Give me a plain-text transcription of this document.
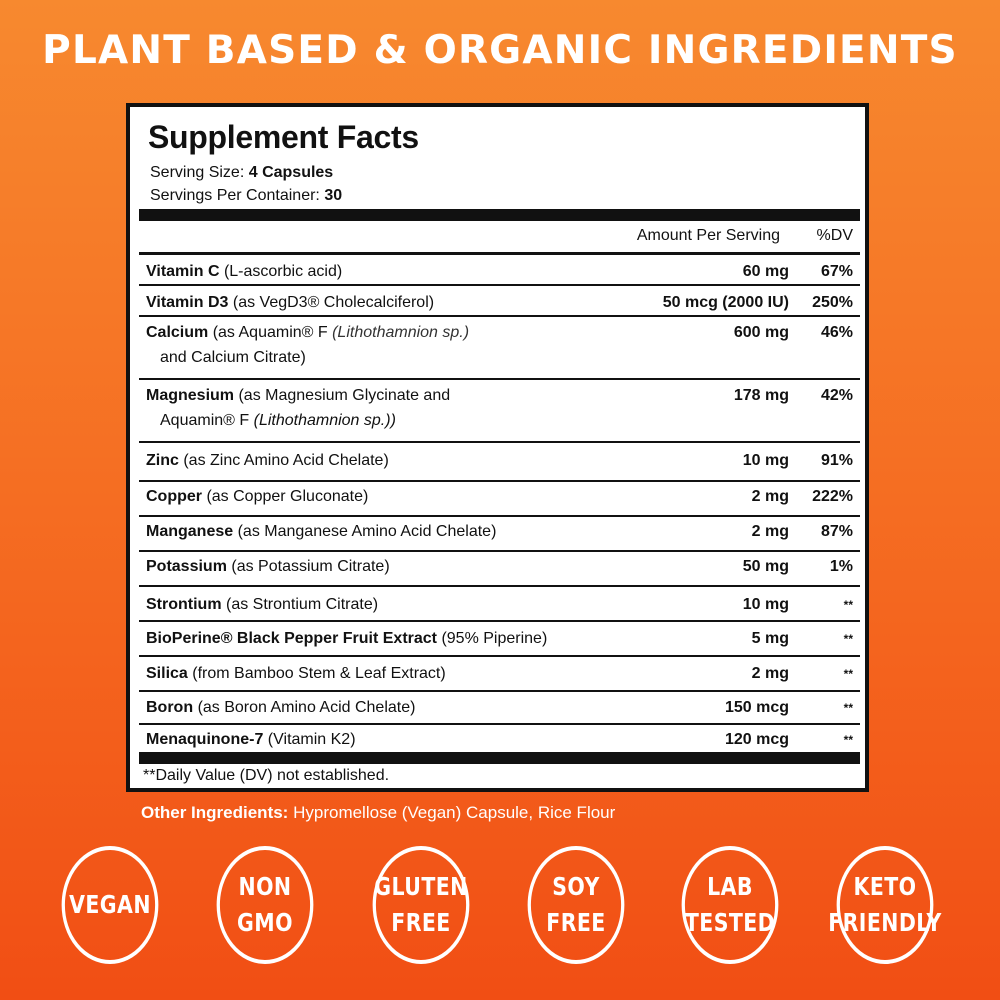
PLANT BASED & ORGANIC INGREDIENTS
Supplement Facts
Serving Size: 4 Capsules
Servings Per Container: 30
Amount Per Serving %DV
**Daily Value (DV) not established.
Vitamin C (L-ascorbic acid)	60 mg 67%
Vitamin D3 (as VegD3® Cholecalciferol)	50 mcg (2000 IU) 250%
Calcium (as Aquamin® F (Lithothamnion sp.)
and Calcium Citrate)
600 mg 46%
Magnesium (as Magnesium Glycinate and
Aquamin® F (Lithothamnion sp.))
178 mg 42%
Zinc (as Zinc Amino Acid Chelate)	10 mg 91%
Copper (as Copper Gluconate)	2 mg 222%
Manganese (as Manganese Amino Acid Chelate)	2 mg 87%
Potassium (as Potassium Citrate)	50 mg	1%
Strontium (as Strontium Citrate)	10 mg	**
BioPerine® Black Pepper Fruit Extract (95% Piperine)	5 mg	**
Silica (from Bamboo Stem & Leaf Extract)	2 mg	**
Boron (as Boron Amino Acid Chelate)	150 mcg	**
Menaquinone-7 (Vitamin K2)	120 mcg	**
Other Ingredients: Hypromellose (Vegan) Capsule, Rice Flour
VEGAN
NON
GMO
GLUTEN
FREE
SOY
FREE
LAB
TESTED
KETO
FRIENDLY
